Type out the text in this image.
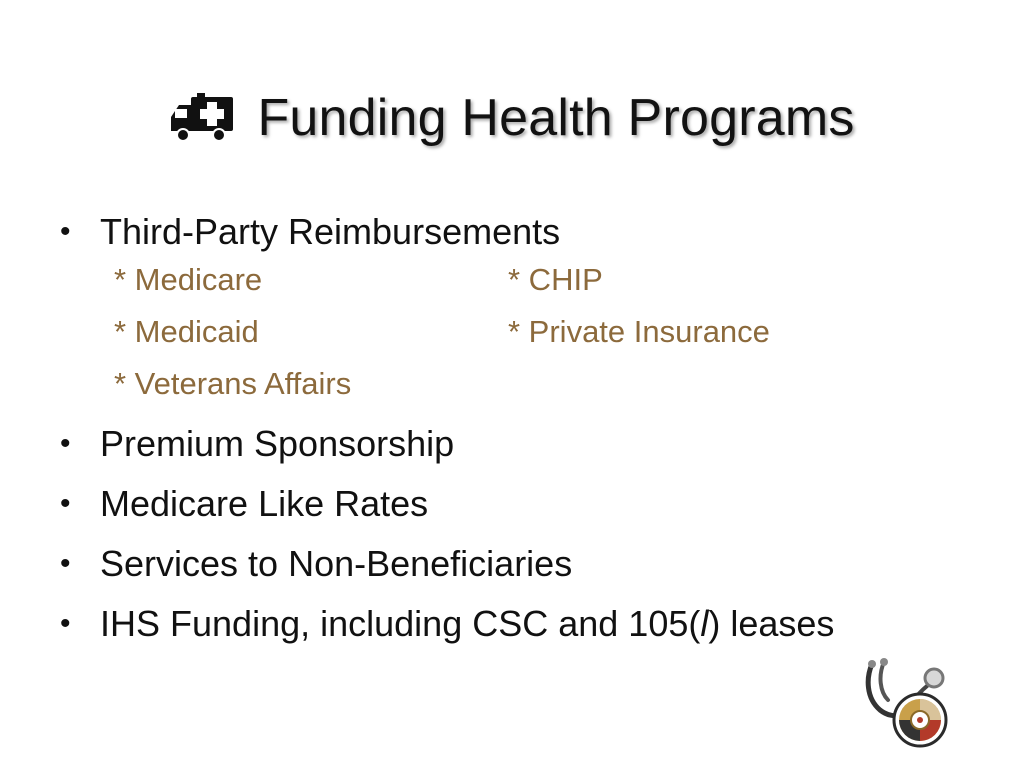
Funding Health Programs
• Third-Party Reimbursements
* Medicare	* CHIP
* Medicaid	* Private Insurance
* Veterans Affairs
• Premium Sponsorship
• Medicare Like Rates
• Services to Non-Beneficiaries
• IHS Funding, including CSC and 105(l) leases
